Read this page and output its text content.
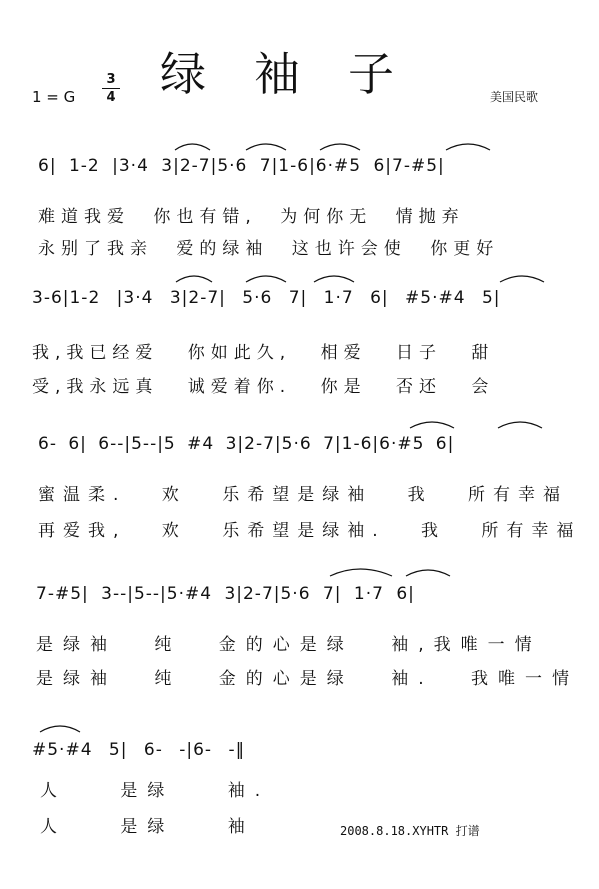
绿袖子
1 = G
3
4	美国民歌
6| 1-2 |3·4 3|2-7|5·6 7|1-6|6·#5 6|7-#5|
难道我爱 你也有错, 为何你无 情抛弃
永别了我亲 爱的绿袖 这也许会使 你更好
3-6|1-2 |3·4 3|2-7| 5·6 7| 1·7 6| #5·#4 5|
我,我已经爱 你如此久, 相爱 日子 甜
受,我永远真 诚爱着你. 你是 否还 会
6- 6| 6--|5--|5 #4 3|2-7|5·6 7|1-6|6·#5 6|
蜜温柔. 欢 乐希望是绿袖 我 所有幸福
再爱我, 欢 乐希望是绿袖. 我 所有幸福
7-#5| 3--|5--|5·#4 3|2-7|5·6 7| 1·7 6|
是绿袖 纯 金的心是绿 袖,我唯一情
是绿袖 纯 金的心是绿 袖. 我唯一情
#5·#4 5| 6- -|6- -‖
人 是绿 袖.
人 是绿 袖	2008.8.18.XYHTR 打谱
